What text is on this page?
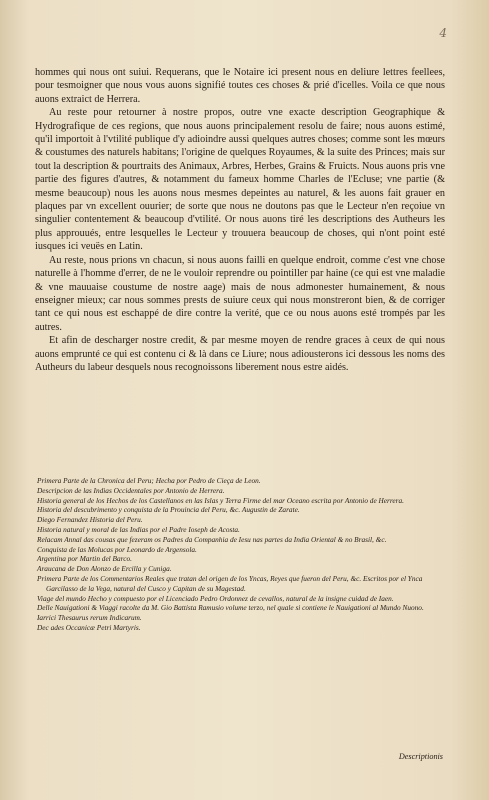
4

hommes qui nous ont suiui. Requerans, que le Notaire ici present nous en deliure lettres feellees, pour tesmoigner que nous vous auons signifié toutes ces choses & prié d'icelles. Voila ce que nous auons extraict de Herrera.

Au reste pour retourner à nostre propos, outre vne exacte description Geographique & Hydrografique de ces regions, que nous auons principalement resolu de faire; nous auons estimé, qu'il importoit à l'vtilité publique d'y adioindre aussi quelques autres choses; comme sont les mœurs & coustumes des naturels habitans; l'origine de quelques Royaumes, & la suite des Princes; mais sur tout la description & pourtraits des Animaux, Arbres, Herbes, Grains & Fruicts. Nous auons pris vne partie des figures d'autres, & notamment du fameux homme Charles de l'Ecluse; vne partie (& mesme beaucoup) nous les auons nous mesmes depeintes au naturel, & les auons fait grauer en plaques par vn excellent ouurier; de sorte que nous ne doutons pas que le Lecteur n'en reçoiue vn singulier contentement & beaucoup d'vtilité. Or nous auons tiré les descriptions des Autheurs les plus approuués, entre lesquelles le Lecteur y trouuera beaucoup de choses, qui n'ont point esté iusques ici veuës en Latin.

Au reste, nous prions vn chacun, si nous auons failli en quelque endroit, comme c'est vne chose naturelle à l'homme d'errer, de ne le vouloir reprendre ou pointiller par haine (ce qui est vne maladie & vne mauuaise coustume de nostre aage) mais de nous admonester humainement, & nous enseigner mieux; car nous sommes prests de suiure ceux qui nous monstreront bien, & de corriger tant ce qui nous est eschappé de dire contre la verité, que ce ou nous auons esté trompés par les autres.

Et afin de descharger nostre credit, & par mesme moyen de rendre graces à ceux de qui nous auons emprunté ce qui est contenu ci & là dans ce Liure; nous adiousterons ici dessous les noms des Autheurs du labeur desquels nous recognoissons liberement nous estre aidés.

Primera Parte de la Chronica del Peru; Hecha por Pedro de Cieça de Leon.
Descripcion de las Indias Occidentales por Antonio de Herrera.
Historia general de los Hechos de los Castellanos en las Islas y Terra Firme del mar Oceano escrita por Antonio de Herrera.
Historia del descubrimento y conquista de la Prouincia del Peru, &c. Augustin de Zarate.
Diego Fernandez Historia del Peru.
Historia natural y moral de las Indias por el Padre Ioseph de Acosta.
Relacam Annal das cousas que fezeram os Padres da Companhia de Iesu nas partes da India Oriental & no Brasil, &c.
Conquista de las Molucas por Leonardo de Argensola.
Argentina por Martin del Barco.
Araucana de Don Alonzo de Ercilla y Cuniga.
Primera Parte de los Commentarios Reales que tratan del origen de los Yncas, Reyes que fueron del Peru, &c. Escritos por el Ynca Garcilasso de la Vega, natural del Cusco y Capitan de su Magestad.
Viage del mundo Hecho y compuesto por el Licenciado Pedro Ordonnez de cevallos, natural de la insigne cuidad de Iaen.
Delle Nauigationi & Viaggi racolte da M. Gio Battista Ramusio volume terzo, nel quale si contiene le Nauigationi al Mundo Nuono.
Iarrici Thesaurus rerum Indicarum.
Dec ades Occanicæ Petri Martyris.
Descriptionis
